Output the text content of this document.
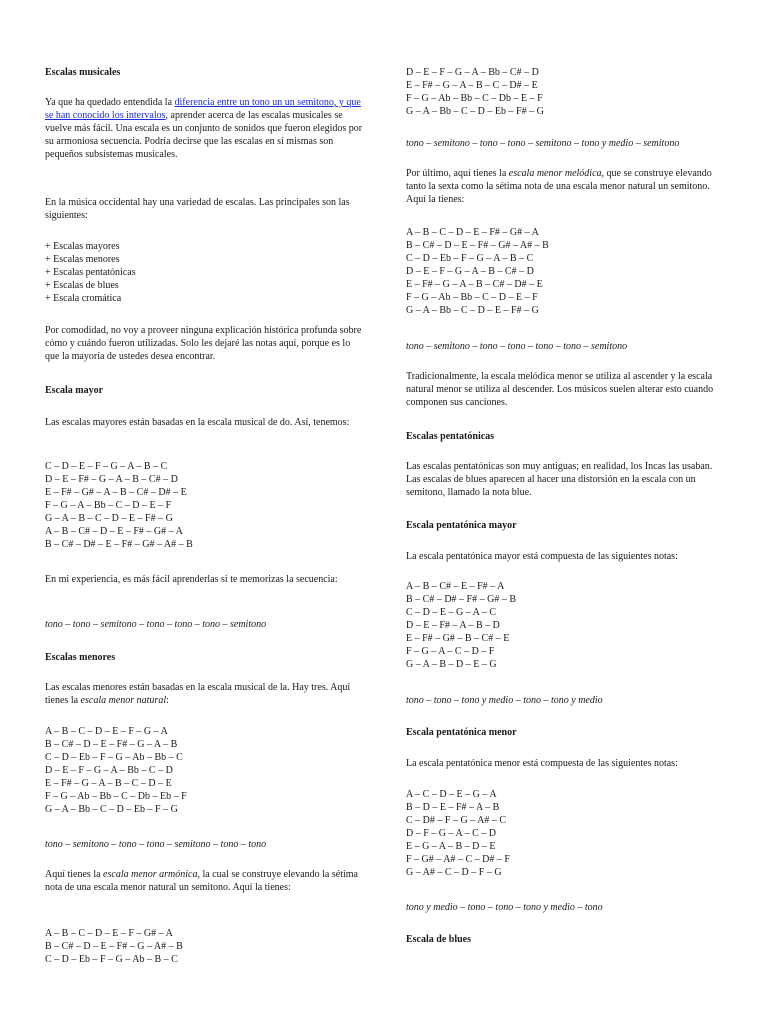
Escalas musicales
Ya que ha quedado entendida la diferencia entre un tono un un semitono, y que se han conocido los intervalos, aprender acerca de las escalas musicales se vuelve más fácil. Una escala es un conjunto de sonidos que fueron elegidos por su armoniosa secuencia. Podría decirse que las escalas en sí mismas son pequeños subsistemas musicales.
En la música occidental hay una variedad de escalas. Las principales son las siguientes:
+ Escalas mayores
+ Escalas menores
+ Escalas pentatónicas
+ Escalas de blues
+ Escala cromática
Por comodidad, no voy a proveer ninguna explicación histórica profunda sobre cómo y cuándo fueron utilizadas. Solo les dejaré las notas aquí, porque es lo que la mayoría de ustedes desea encontrar.
Escala mayor
Las escalas mayores están basadas en la escala musical de do. Así, tenemos:
C – D – E – F – G – A – B – C
D – E – F# – G – A – B – C# – D
E – F# – G# – A – B – C# – D# – E
F – G – A – Bb – C – D – E – F
G – A – B – C – D – E – F# – G
A – B – C# – D – E – F# – G# – A
B – C# – D# – E – F# – G# – A# – B
En mi experiencia, es más fácil aprenderlas si te memorizas la secuencia:
tono – tono – semitono – tono – tono – tono – semitono
Escalas menores
Las escalas menores están basadas en la escala musical de la. Hay tres. Aquí tienes la escala menor natural:
A – B – C – D – E – F – G – A
B – C# – D – E – F# – G – A – B
C – D – Eb – F – G – Ab – Bb – C
D – E – F – G – A – Bb – C – D
E – F# – G – A – B – C – D – E
F – G – Ab – Bb – C – Db – Eb – F
G – A – Bb – C – D – Eb – F – G
tono – semitono – tono – tono – semitono – tono – tono
Aquí tienes la escala menor armónica, la cual se construye elevando la sétima nota de una escala menor natural un semitono. Aquí la tienes:
A – B – C – D – E – F – G# – A
B – C# – D – E – F# – G – A# – B
C – D – Eb – F – G – Ab – B – C
D – E – F – G – A – Bb – C# – D
E – F# – G – A – B – C – D# – E
F – G – Ab – Bb – C – Db – E – F
G – A – Bb – C – D – Eb – F# – G
tono – semitono – tono – tono – semitono – tono y medio – semitono
Por último, aquí tienes la escala menor melódica, que se construye elevando tanto la sexta como la sétima nota de una escala menor natural un semitono. Aquí la tienes:
A – B – C – D – E – F# – G# – A
B – C# – D – E – F# – G# – A# – B
C – D – Eb – F – G – A – B – C
D – E – F – G – A – B – C# – D
E – F# – G – A – B – C# – D# – E
F – G – Ab – Bb – C – D – E – F
G – A – Bb – C – D – E – F# – G
tono – semitono – tono – tono – tono – tono – semitono
Tradicionalmente, la escala melódica menor se utiliza al ascender y la escala natural menor se utiliza al descender. Los músicos suelen alterar esto cuando componen sus canciones.
Escalas pentatónicas
Las escalas pentatónicas son muy antiguas; en realidad, los Incas las usaban. Las escalas de blues aparecen al hacer una distorsión en la escala con un semitono, llamado la nota blue.
Escala pentatónica mayor
La escala pentatónica mayor está compuesta de las siguientes notas:
A – B – C# – E – F# – A
B – C# – D# – F# – G# – B
C – D – E – G – A – C
D – E – F# – A – B – D
E – F# – G# – B – C# – E
F – G – A – C – D – F
G – A – B – D – E – G
tono – tono – tono y medio – tono – tono y medio
Escala pentatónica menor
La escala pentatónica menor está compuesta de las siguientes notas:
A – C – D – E – G – A
B – D – E – F# – A – B
C – D# – F – G – A# – C
D – F – G – A – C – D
E – G – A – B – D – E
F – G# – A# – C – D# – F
G – A# – C – D – F – G
tono y medio – tono – tono – tono y medio – tono
Escala de blues
